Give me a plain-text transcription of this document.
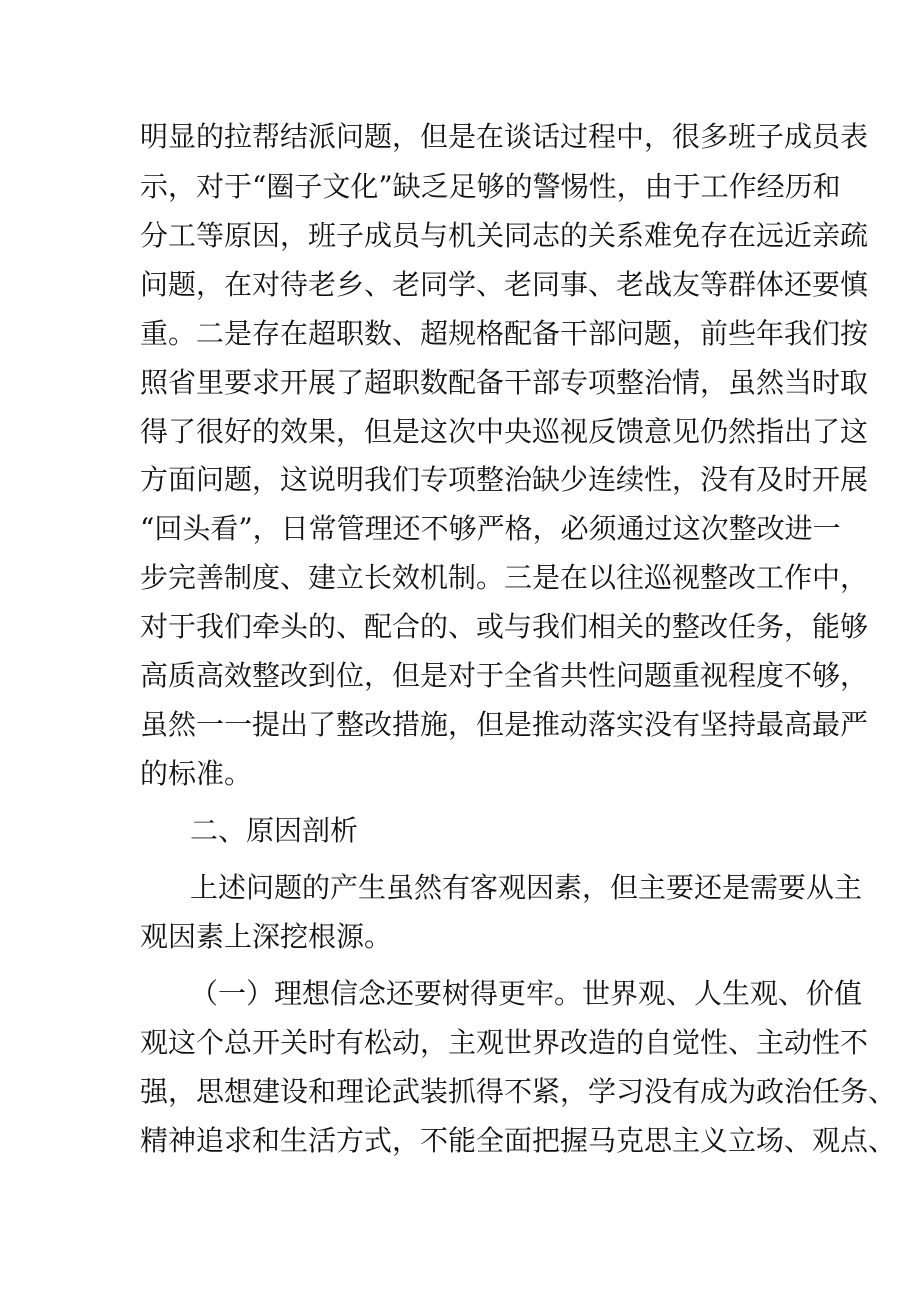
明显的拉帮结派问题，但是在谈话过程中，很多班子成员表
示，对于“圈子文化”缺乏足够的警惕性，由于工作经历和
分工等原因，班子成员与机关同志的关系难免存在远近亲疏
问题，在对待老乡、老同学、老同事、老战友等群体还要慎
重。二是存在超职数、超规格配备干部问题，前些年我们按
照省里要求开展了超职数配备干部专项整治情，虽然当时取
得了很好的效果，但是这次中央巡视反馈意见仍然指出了这
方面问题，这说明我们专项整治缺少连续性，没有及时开展
“回头看”，日常管理还不够严格，必须通过这次整改进一
步完善制度、建立长效机制。三是在以往巡视整改工作中，
对于我们牵头的、配合的、或与我们相关的整改任务，能够
高质高效整改到位，但是对于全省共性问题重视程度不够，
虽然一一提出了整改措施，但是推动落实没有坚持最高最严
的标准。
二、原因剖析
上述问题的产生虽然有客观因素，但主要还是需要从主
观因素上深挖根源。
（一）理想信念还要树得更牢。世界观、人生观、价值
观这个总开关时有松动，主观世界改造的自觉性、主动性不
强，思想建设和理论武装抓得不紧，学习没有成为政治任务、
精神追求和生活方式，不能全面把握马克思主义立场、观点、
